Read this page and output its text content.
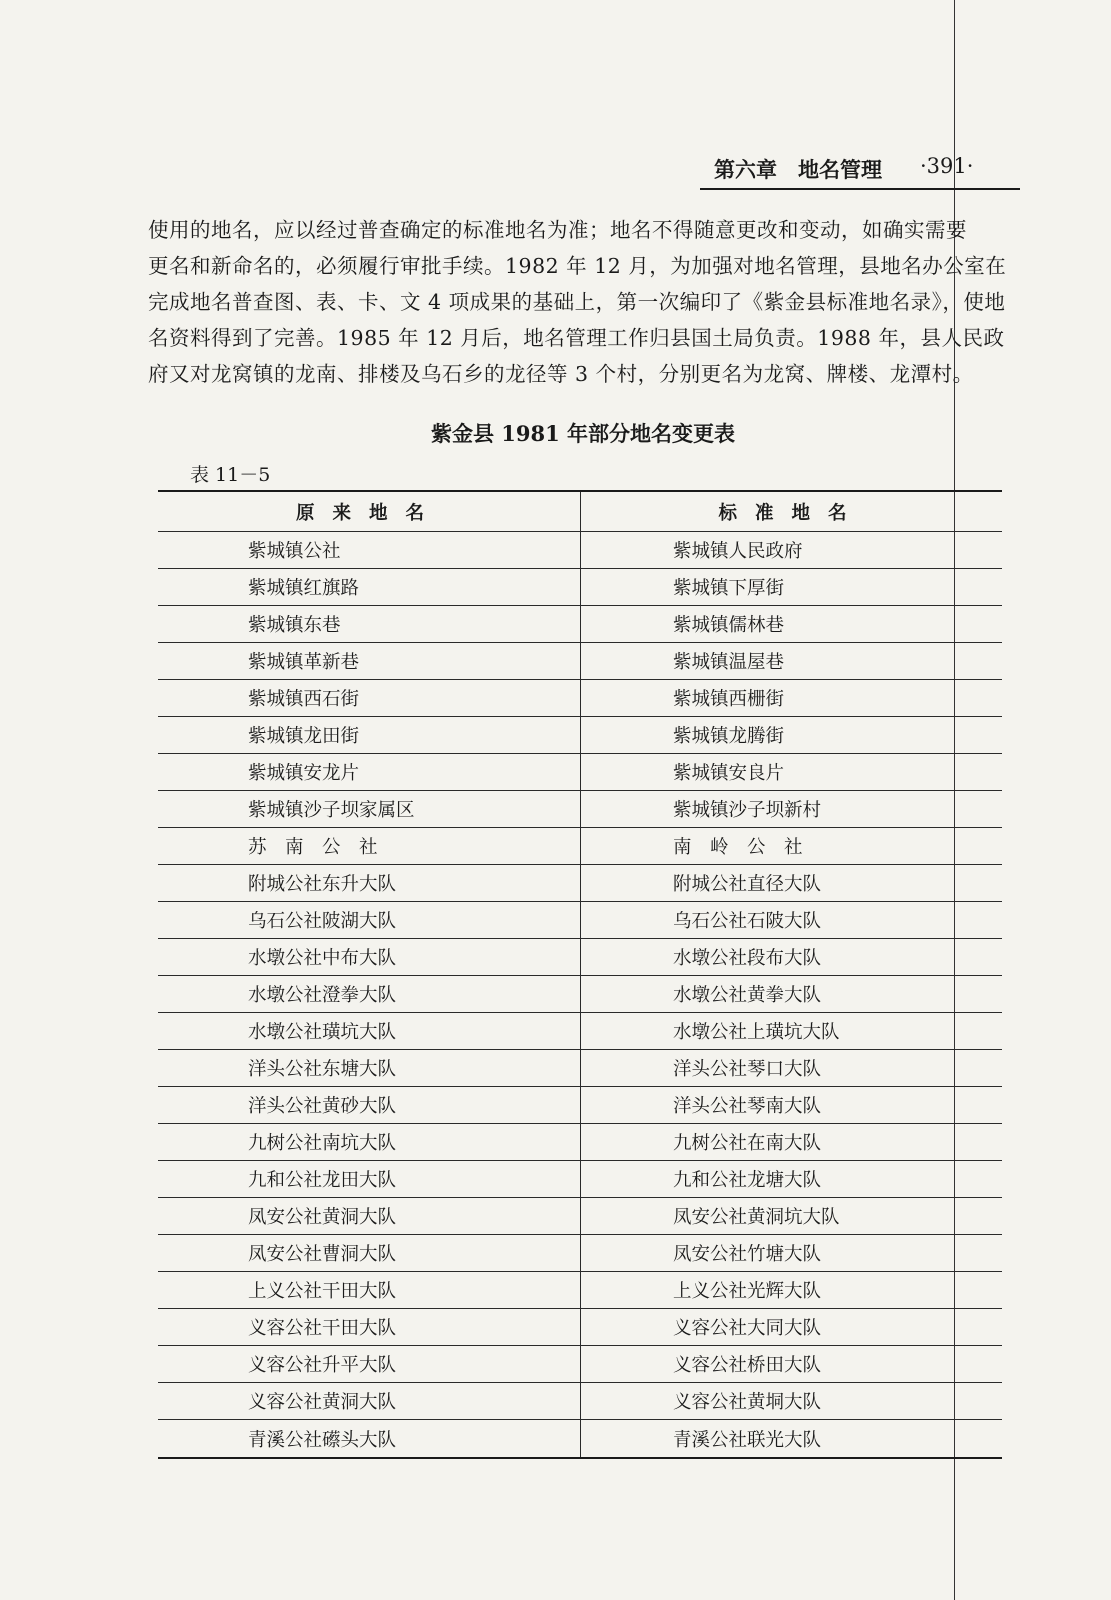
第六章　地名管理 ·391·

使用的地名，应以经过普查确定的标准地名为准；地名不得随意更改和变动，如确实需要

更名和新命名的，必须履行审批手续。1982 年 12 月，为加强对地名管理，县地名办公室在

完成地名普查图、表、卡、文 4 项成果的基础上，第一次编印了《紫金县标准地名录》，使地

名资料得到了完善。1985 年 12 月后，地名管理工作归县国土局负责。1988 年，县人民政

府又对龙窝镇的龙南、排楼及乌石乡的龙径等 3 个村，分别更名为龙窝、牌楼、龙潭村。

紫金县 1981 年部分地名变更表
表 11－5
原来地名	标准地名
紫城镇公社	紫城镇人民政府
紫城镇红旗路	紫城镇下厚街
紫城镇东巷	紫城镇儒林巷
紫城镇革新巷	紫城镇温屋巷
紫城镇西石街	紫城镇西栅街
紫城镇龙田街	紫城镇龙腾街
紫城镇安龙片	紫城镇安良片
紫城镇沙子坝家属区	紫城镇沙子坝新村
苏　南　公　社	南　岭　公　社
附城公社东升大队	附城公社直径大队
乌石公社陂湖大队	乌石公社石陂大队
水墩公社中布大队	水墩公社段布大队
水墩公社澄拳大队	水墩公社黄拳大队
水墩公社璜坑大队	水墩公社上璜坑大队
洋头公社东塘大队	洋头公社琴口大队
洋头公社黄砂大队	洋头公社琴南大队
九树公社南坑大队	九树公社在南大队
九和公社龙田大队	九和公社龙塘大队
凤安公社黄洞大队	凤安公社黄洞坑大队
凤安公社曹洞大队	凤安公社竹塘大队
上义公社干田大队	上义公社光辉大队
义容公社干田大队	义容公社大同大队
义容公社升平大队	义容公社桥田大队
义容公社黄洞大队	义容公社黄垌大队
青溪公社礤头大队	青溪公社联光大队
